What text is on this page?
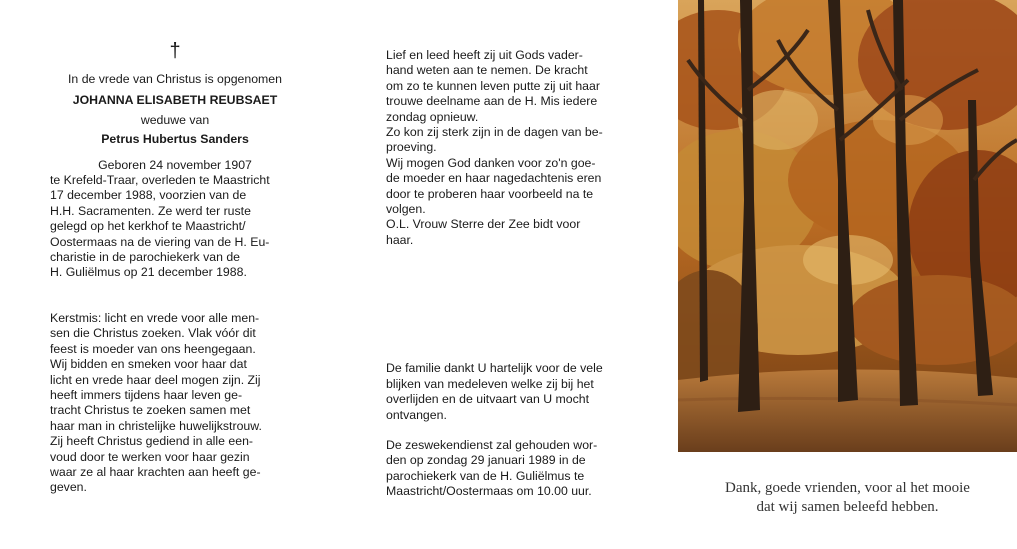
†
In de vrede van Christus is opgenomen
JOHANNA ELISABETH REUBSAET
weduwe van
Petrus Hubertus Sanders
Geboren 24 november 1907
te Krefeld-Traar, overleden te Maastricht
17 december 1988, voorzien van de
H.H. Sacramenten. Ze werd ter ruste
gelegd op het kerkhof te Maastricht/
Oostermaas na de viering van de H. Eu-
charistie in de parochiekerk van de
H. Guliëlmus op 21 december 1988.
Kerstmis: licht en vrede voor alle men-
sen die Christus zoeken. Vlak vóór dit
feest is moeder van ons heengegaan.
Wij bidden en smeken voor haar dat
licht en vrede haar deel mogen zijn. Zij
heeft immers tijdens haar leven ge-
tracht Christus te zoeken samen met
haar man in christelijke huwelijkstrouw.
Zij heeft Christus gediend in alle een-
voud door te werken voor haar gezin
waar ze al haar krachten aan heeft ge-
geven.
Lief en leed heeft zij uit Gods vader-
hand weten aan te nemen. De kracht
om zo te kunnen leven putte zij uit haar
trouwe deelname aan de H. Mis iedere
zondag opnieuw.
Zo kon zij sterk zijn in de dagen van be-
proeving.
Wij mogen God danken voor zo'n goe-
de moeder en haar nagedachtenis eren
door te proberen haar voorbeeld na te
volgen.
O.L. Vrouw Sterre der Zee bidt voor
haar.
De familie dankt U hartelijk voor de vele
blijken van medeleven welke zij bij het
overlijden en de uitvaart van U mocht
ontvangen.
De zeswekendienst zal gehouden wor-
den op zondag 29 januari 1989 in de
parochiekerk van de H. Guliëlmus te
Maastricht/Oostermaas om 10.00 uur.	Dank, goede vrienden, voor al het mooie
dat wij samen beleefd hebben.
